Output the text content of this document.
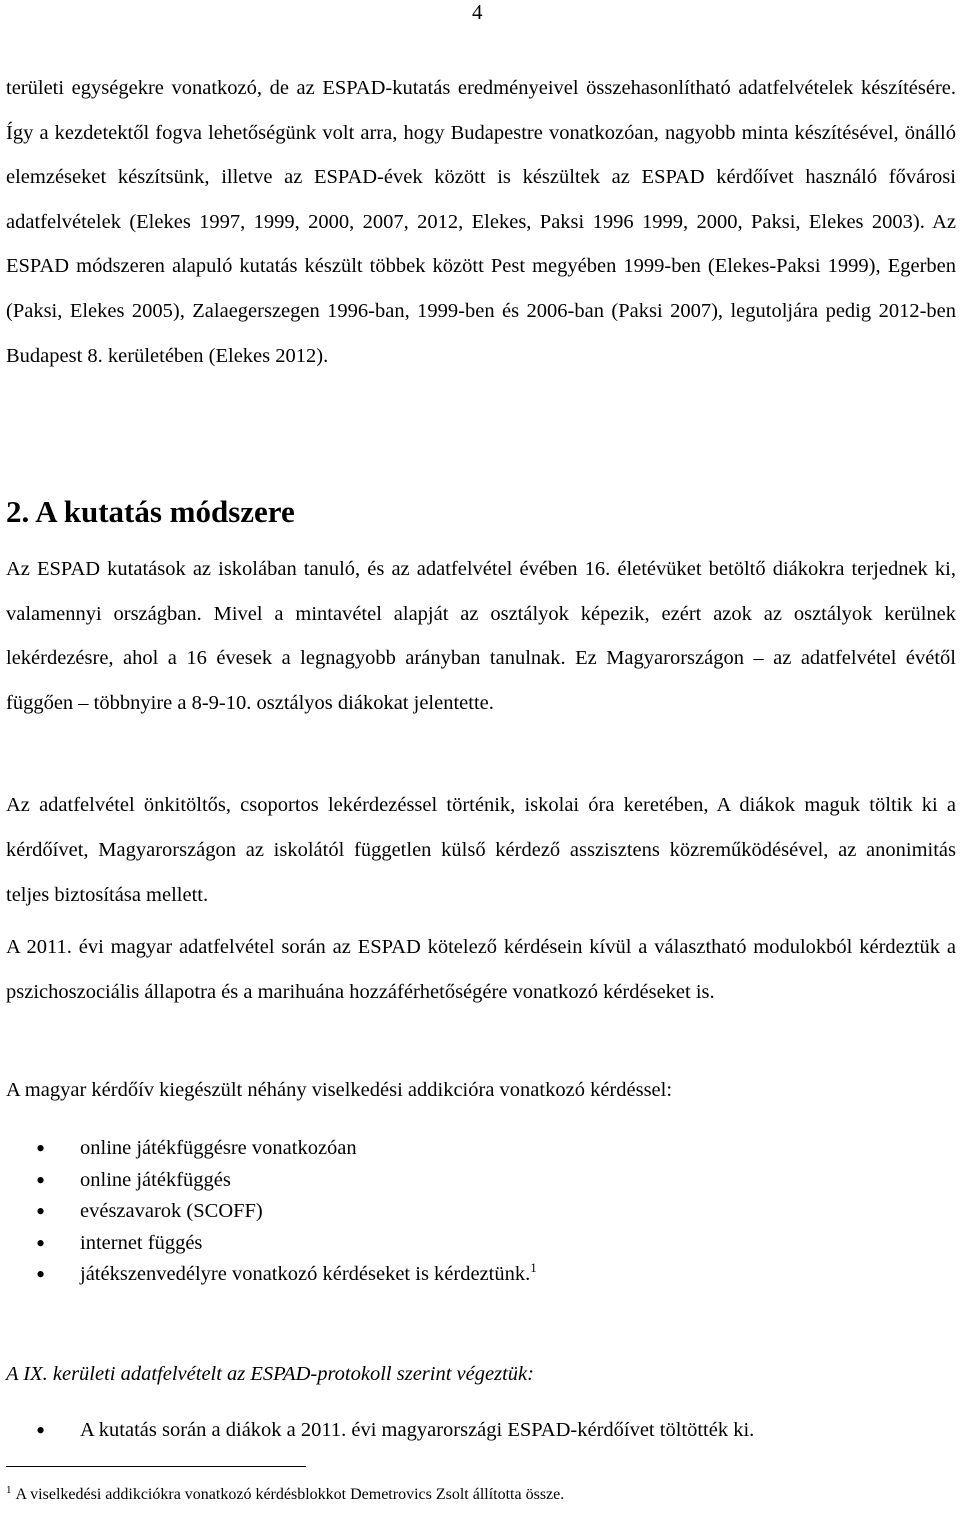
4

területi egységekre vonatkozó, de az ESPAD-kutatás eredményeivel összehasonlítható adatfelvételek készítésére. Így a kezdetektől fogva lehetőségünk volt arra, hogy Budapestre vonatkozóan, nagyobb minta készítésével, önálló elemzéseket készítsünk, illetve az ESPAD-évek között is készültek az ESPAD kérdőívet használó fővárosi adatfelvételek (Elekes 1997, 1999, 2000, 2007, 2012, Elekes, Paksi 1996 1999, 2000, Paksi, Elekes 2003). Az ESPAD módszeren alapuló kutatás készült többek között Pest megyében 1999-ben (Elekes-Paksi 1999), Egerben (Paksi, Elekes 2005), Zalaegerszegen 1996-ban, 1999-ben és 2006-ban (Paksi 2007), legutoljára pedig 2012-ben Budapest 8. kerületében (Elekes 2012).

2. A kutatás módszere

Az ESPAD kutatások az iskolában tanuló, és az adatfelvétel évében 16. életévüket betöltő diákokra terjednek ki, valamennyi országban. Mivel a mintavétel alapját az osztályok képezik, ezért azok az osztályok kerülnek lekérdezésre, ahol a 16 évesek a legnagyobb arányban tanulnak. Ez Magyarországon – az adatfelvétel évétől függően – többnyire a 8-9-10. osztályos diákokat jelentette.

Az adatfelvétel önkitöltős, csoportos lekérdezéssel történik, iskolai óra keretében, A diákok maguk töltik ki a kérdőívet, Magyarországon az iskolától független külső kérdező asszisztens közreműködésével, az anonimitás teljes biztosítása mellett.

A 2011. évi magyar adatfelvétel során az ESPAD kötelező kérdésein kívül a választható modulokból kérdeztük a pszichoszociális állapotra és a marihuána hozzáférhetőségére vonatkozó kérdéseket is.

A magyar kérdőív kiegészült néhány viselkedési addikcióra vonatkozó kérdéssel:

• online játékfüggésre vonatkozóan
• online játékfüggés
• evészavarok (SCOFF)
• internet függés
• játékszenvedélyre vonatkozó kérdéseket is kérdeztünk.$^1$

A IX. kerületi adatfelvételt az ESPAD-protokoll szerint végeztük:

• A kutatás során a diákok a 2011. évi magyarországi ESPAD-kérdőívet töltötték ki.

$^1$ A viselkedési addikciókra vonatkozó kérdésblokkot Demetrovics Zsolt állította össze.
